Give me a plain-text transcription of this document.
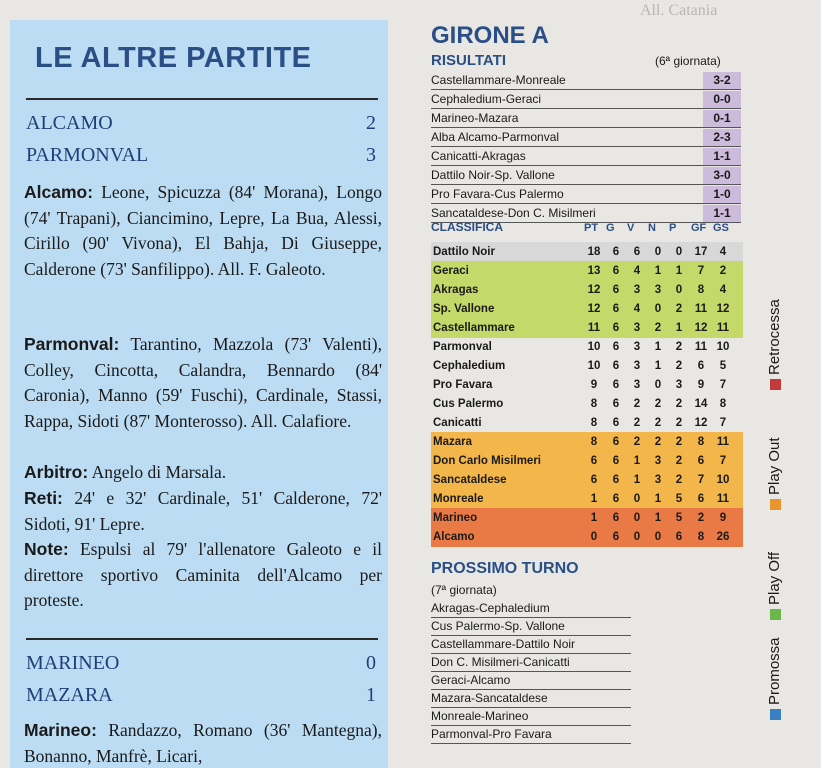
All. Catania
LE ALTRE PARTITE
ALCAMO	2
PARMONVAL	3
Alcamo: Leone, Spicuzza (84' Morana), Longo (74' Trapani), Cianciminо, Lepre, La Bua, Alessi, Cirillo (90' Vivona), El Bahja, Di Giuseppe, Calderone (73' Sanfilippo). All. F. Galeoto.
Parmonval: Tarantino, Mazzola (73' Valenti), Colley, Cincotta, Calandra, Bennardo (84' Caronia), Manno (59' Fuschi), Cardinale, Stassi, Rappa, Sidoti (87' Monterosso). All. Calafiore.
Arbitro: Angelo di Marsala.
Reti: 24' e 32' Cardinale, 51' Calderone, 72' Sidoti, 91' Lepre.
Note: Espulsi al 79' l'allenatore Galeoto e il direttore sportivo Caminita dell'Alcamo per proteste.
MARINEO	0
MAZARA	1
Marineo: Randazzo, Romano (36' Mantegna), Bonanno, Manfrè, Licari,
GIRONE A
RISULTATI	(6ª giornata)
Castellammare-Monreale	3-2
Cephaledium-Geraci	0-0
Marineo-Mazara	0-1
Alba Alcamo-Parmonval	2-3
Canicatti-Akragas	1-1
Dattilo Noir-Sp. Vallone	3-0
Pro Favara-Cus Palermo	1-0
Sancataldese-Don C. Misilmeri	1-1
CLASSIFICA	PT G V N P GF GS
Dattilo Noir	18	6	6	0	0	17	4
Geraci	13	6	4	1	1	7	2
Akragas	12	6	3	3	0	8	4
Sp. Vallone	12	6	4	0	2	11 12
Castellammare	11	6	3	2	1	12 11
Parmonval	10	6	3	1	2	11 10
Cephaledium	10	6	3	1	2	6	5
Pro Favara	9	6	3	0	3	9	7
Cus Palermo	8	6	2	2	2	14	8
Canicatti	8	6	2	2	2	12	7
Mazara	8	6	2	2	2	8	11
Don Carlo Misilmeri	6	6	1	3	2	6	7
Sancataldese	6	6	1	3	2	7	10
Monreale	1	6	0	1	5	6	11
Marineo	1	6	0	1	5	2	9
Alcamo	0	6	0	0	6	8	26
PROSSIMO TURNO
(7ª giornata)
Akragas-Cephaledium
Cus Palermo-Sp. Vallone
Castellammare-Dattilo Noir
Don C. Misilmeri-Canicatti
Geraci-Alcamo
Mazara-Sancataldese
Monreale-Marineo
Parmonval-Pro Favara
Promossa
Play Off
Play Out
Retrocessa
